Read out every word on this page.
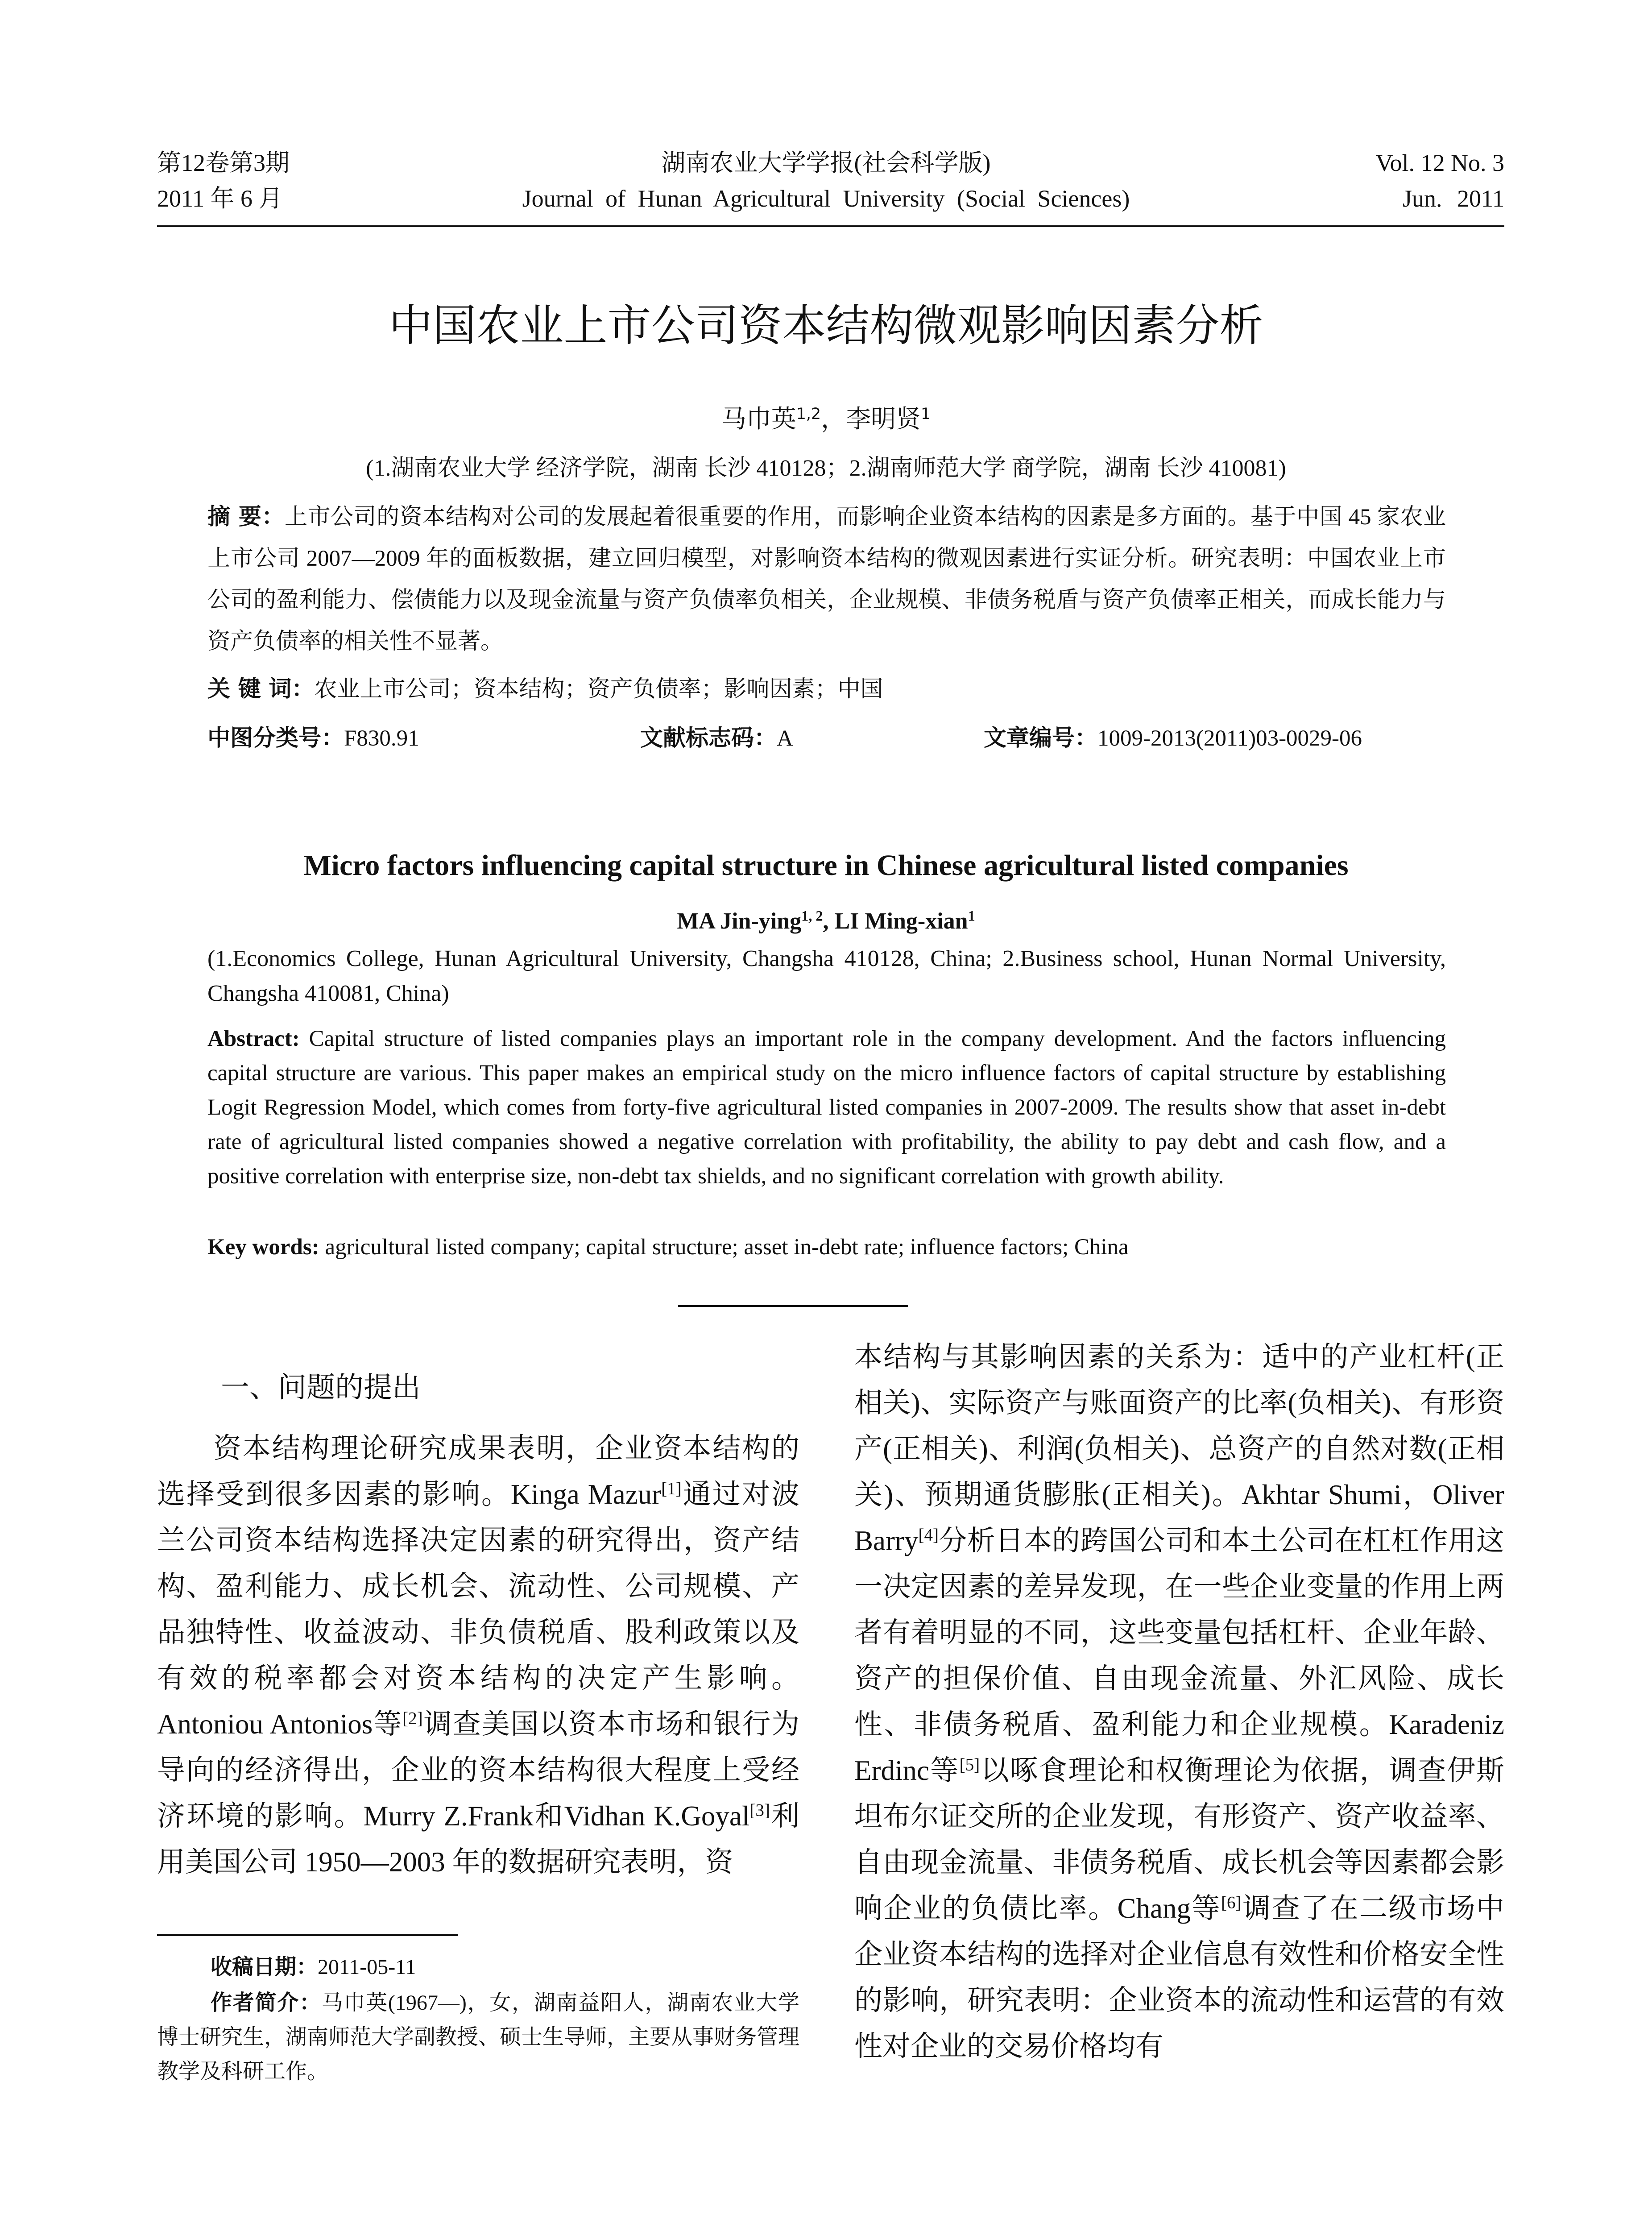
第12卷第3期
2011 年 6 月
湖南农业大学学报(社会科学版)
Journal of Hunan Agricultural University (Social Sciences)
Vol. 12 No. 3
Jun. 2011
中国农业上市公司资本结构微观影响因素分析
马巾英$^{1,2}$，李明贤$^1$
(1.湖南农业大学 经济学院，湖南 长沙 410128；2.湖南师范大学 商学院，湖南 长沙 410081)
摘 要：上市公司的资本结构对公司的发展起着很重要的作用，而影响企业资本结构的因素是多方面的。基于中国 45 家农业上市公司 2007—2009 年的面板数据，建立回归模型，对影响资本结构的微观因素进行实证分析。研究表明：中国农业上市公司的盈利能力、偿债能力以及现金流量与资产负债率负相关，企业规模、非债务税盾与资产负债率正相关，而成长能力与资产负债率的相关性不显著。
关 键 词：农业上市公司；资本结构；资产负债率；影响因素；中国
中图分类号：F830.91	文献标志码：A	文章编号：1009-2013(2011)03-0029-06
Micro factors influencing capital structure in Chinese agricultural listed companies
MA Jin-ying$^{1, 2}$, LI Ming-xian$^1$
(1.Economics College, Hunan Agricultural University, Changsha 410128, China; 2.Business school, Hunan Normal University, Changsha 410081, China)
Abstract: Capital structure of listed companies plays an important role in the company development. And the factors influencing capital structure are various. This paper makes an empirical study on the micro influence factors of capital structure by establishing Logit Regression Model, which comes from forty-five agricultural listed companies in 2007-2009. The results show that asset in-debt rate of agricultural listed companies showed a negative correlation with profitability, the ability to pay debt and cash flow, and a positive correlation with enterprise size, non-debt tax shields, and no significant correlation with growth ability.
Key words: agricultural listed company; capital structure; asset in-debt rate; influence factors; China
一、问题的提出
资本结构理论研究成果表明，企业资本结构的选择受到很多因素的影响。Kinga Mazur[1]通过对波兰公司资本结构选择决定因素的研究得出，资产结构、盈利能力、成长机会、流动性、公司规模、产品独特性、收益波动、非负债税盾、股利政策以及有效的税率都会对资本结构的决定产生影响。Antoniou Antonios等[2]调查美国以资本市场和银行为导向的经济得出，企业的资本结构很大程度上受经济环境的影响。Murry Z.Frank和Vidhan K.Goyal[3]利用美国公司 1950—2003 年的数据研究表明，资
本结构与其影响因素的关系为：适中的产业杠杆(正相关)、实际资产与账面资产的比率(负相关)、有形资产(正相关)、利润(负相关)、总资产的自然对数(正相关)、预期通货膨胀(正相关)。Akhtar Shumi，Oliver Barry[4]分析日本的跨国公司和本土公司在杠杠作用这一决定因素的差异发现，在一些企业变量的作用上两者有着明显的不同，这些变量包括杠杆、企业年龄、资产的担保价值、自由现金流量、外汇风险、成长性、非债务税盾、盈利能力和企业规模。Karadeniz Erdinc等[5]以啄食理论和权衡理论为依据，调查伊斯坦布尔证交所的企业发现，有形资产、资产收益率、自由现金流量、非债务税盾、成长机会等因素都会影响企业的负债比率。Chang等[6]调查了在二级市场中企业资本结构的选择对企业信息有效性和价格安全性的影响，研究表明：企业资本的流动性和运营的有效性对企业的交易价格均有
收稿日期：2011-05-11
作者简介：马巾英(1967—)，女，湖南益阳人，湖南农业大学博士研究生，湖南师范大学副教授、硕士生导师，主要从事财务管理教学及科研工作。
